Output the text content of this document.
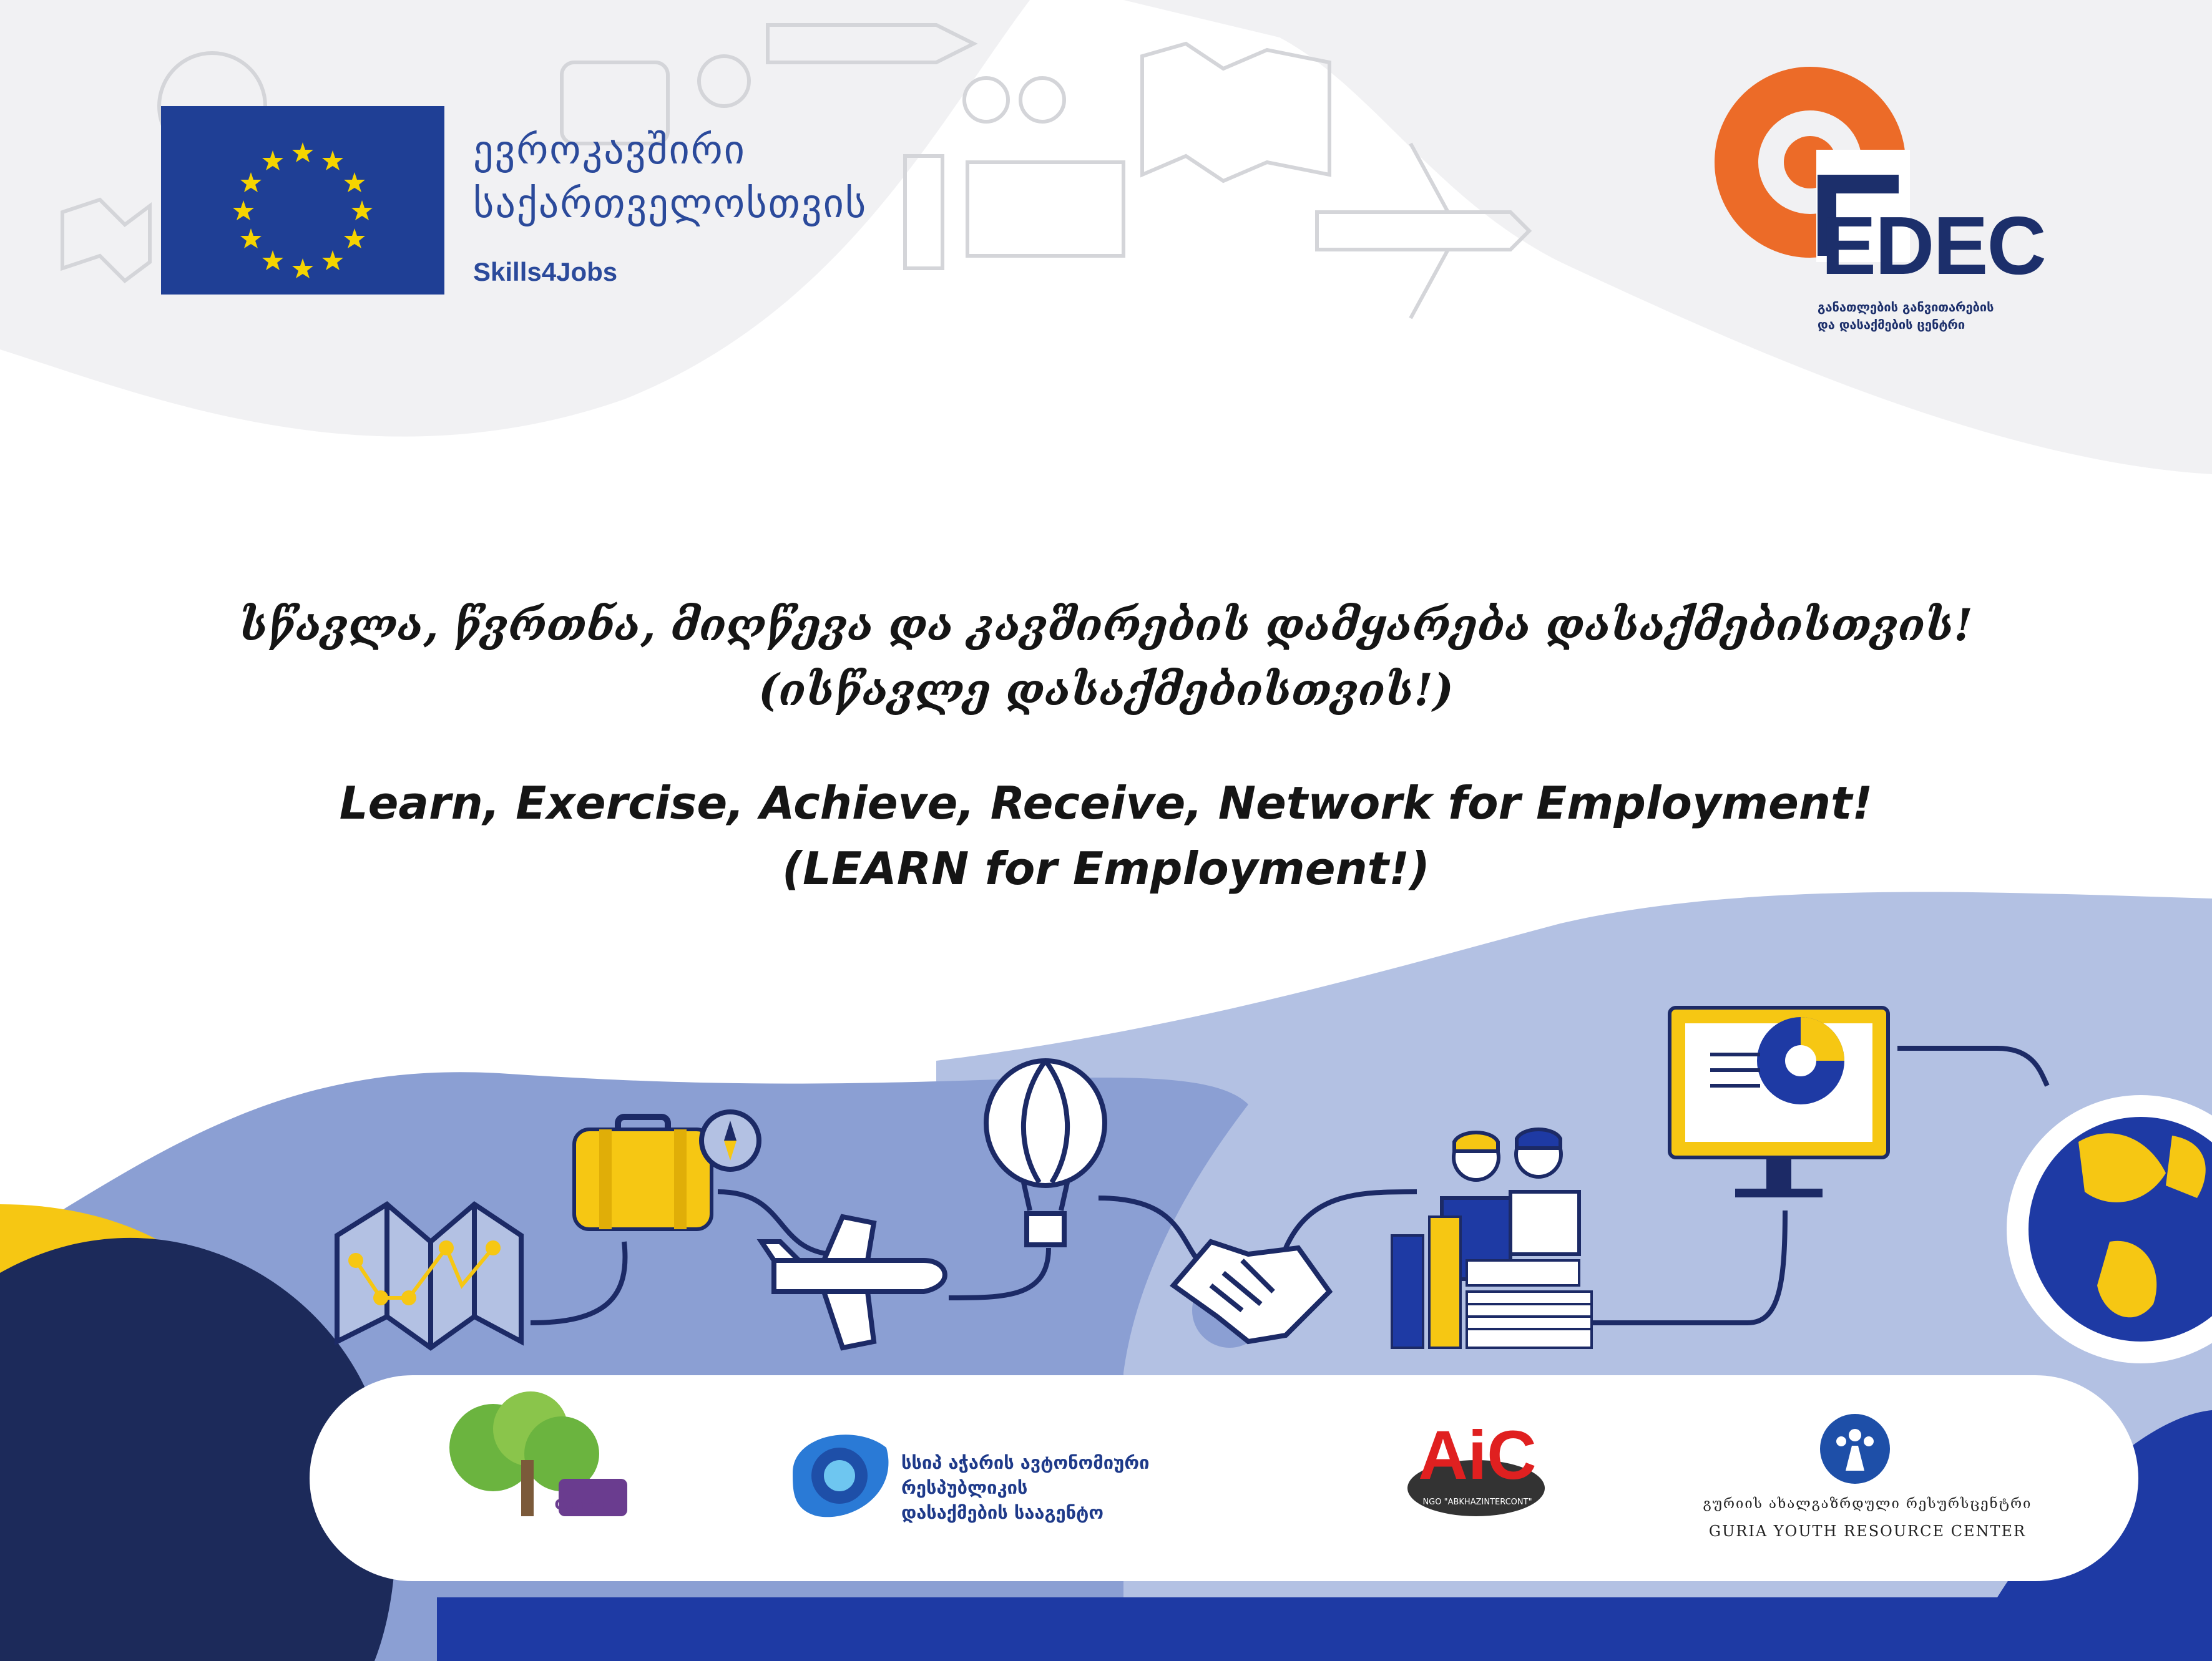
ევროკავშირი
საქართველოსთვის
Skills4Jobs	EDEC
განათლების განვითარების
და დასაქმების ცენტრი
სწავლა, წვრთნა, მიღწევა და კავშირების დამყარება დასაქმებისთვის!
(ისწავლე დასაქმებისთვის!)
Learn, Exercise, Achieve, Receive, Network for Employment!
(LEARN for Employment!)
Center
სსიპ აჭარის ავტონომიური რესპუბლიკის
დასაქმების სააგენტო
AiC
NGO "ABKHAZINTERCONT"	გურიის ახალგაზრდული რესურსცენტრი
GURIA YOUTH RESOURCE CENTER
